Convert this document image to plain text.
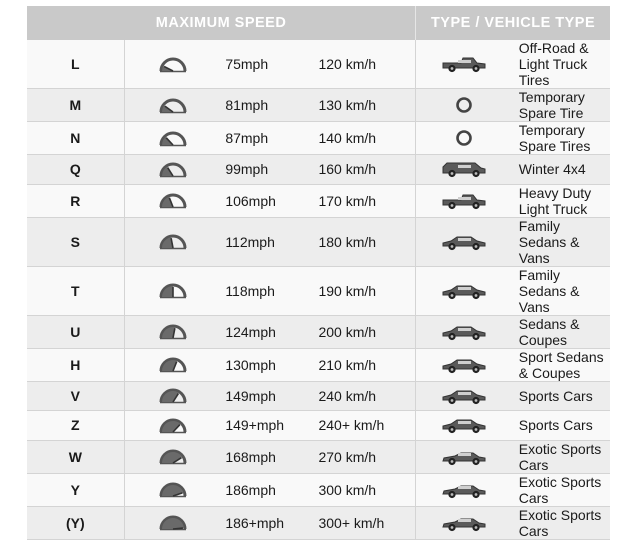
MAXIMUM SPEED				TYPE / VEHICLE TYPE	
L		75mph	120 km/h		Off-Road & Light Truck Tires
M		81mph	130 km/h		Temporary Spare Tire
N		87mph	140 km/h		Temporary Spare Tires
Q		99mph	160 km/h		Winter 4x4
R		106mph	170 km/h		Heavy Duty Light Truck
S		112mph	180 km/h		Family Sedans & Vans
T		118mph	190 km/h		Family Sedans & Vans
U		124mph	200 km/h		Sedans & Coupes
H		130mph	210 km/h		Sport Sedans & Coupes
V		149mph	240 km/h		Sports Cars
Z		149+mph	240+ km/h		Sports Cars
W		168mph	270 km/h		Exotic Sports Cars
Y		186mph	300 km/h		Exotic Sports Cars
(Y)		186+mph	300+ km/h		Exotic Sports Cars
